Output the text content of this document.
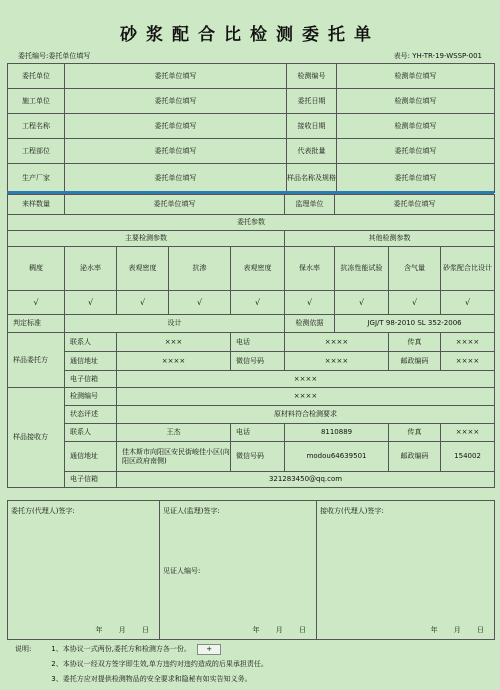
砂浆配合比检测委托单
委托编号:委托单位填写	表号: YH-TR-19-WSSP-001
委托单位	委托单位填写	检测编号	检测单位填写
施工单位	委托单位填写	委托日期	检测单位填写
工程名称	委托单位填写	接收日期	检测单位填写
工程部位	委托单位填写	代表批量	委托单位填写
生产厂家	委托单位填写	样品名称及规格	委托单位填写
来样数量	委托单位填写				监理单位	委托单位填写		
委托参数								
主要检测参数					其他检测参数			
稠度	泌水率	表观密度	抗渗	表观密度	保水率	抗冻性能试验	含气量	砂浆配合比设计
√	√	√	√	√	√	√	√	√
判定标准	设计				检测依据	JGJ/T 98-2010 SL 352-2006		
样品委托方	联系人	×××		电话	××××		传真	××××
	通信地址	××××		微信号码	××××		邮政编码	××××
	电子信箱	××××						
样品接收方	检测编号	××××						
	状态评述	原材料符合检测要求						
	联系人	王杰		电话	8110889		传真	××××
	通信地址	佳木斯市向阳区安民街峻佳小区(向阳区政府南侧)		微信号码	modou64639501		邮政编码	154002
	电子信箱	321283450@qq.com						
委托方(代理人)签字:
年 月 日

见证人(监理)签字:
见证人编号:
年 月 日

接收方(代理人)签字:
年 月 日
说明:	1、本协议一式两份,委托方和检测方各一份。 +
2、本协议一经双方签字即生效,单方违约对违约造成的后果承担责任。
3、委托方应对提供检测物品的安全要求和隐秘有如实告知义务。
